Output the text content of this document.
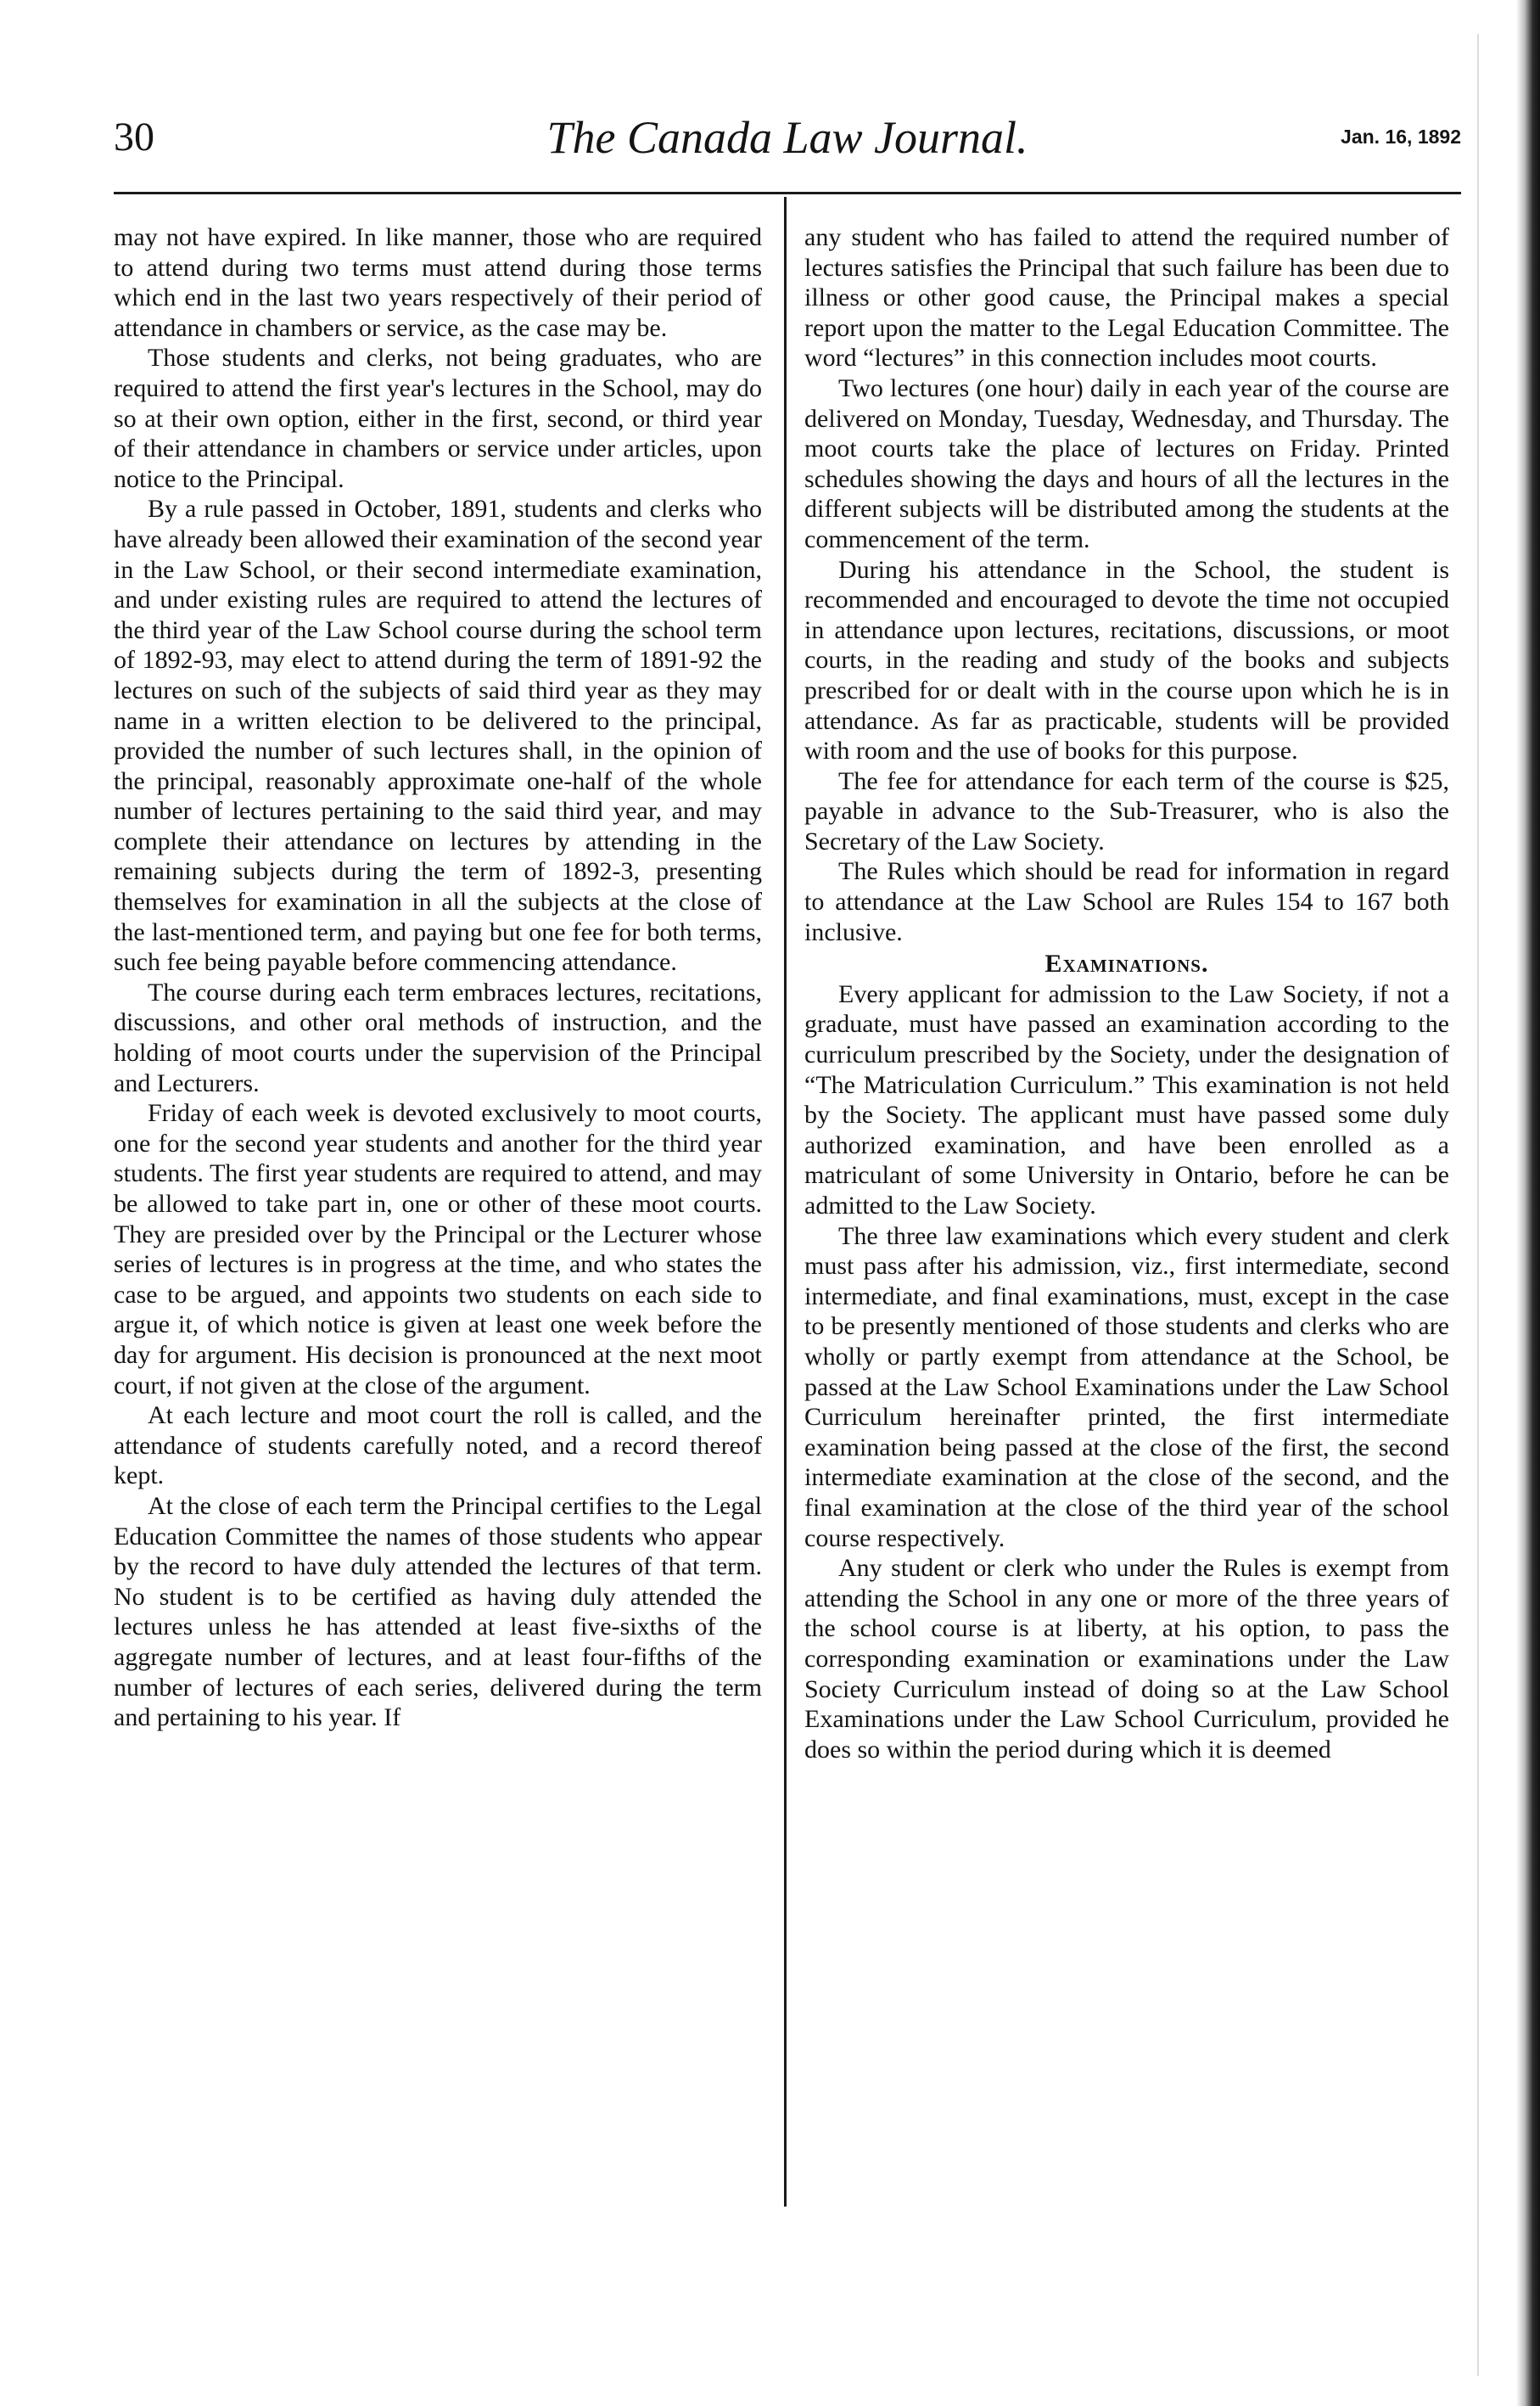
30	The Canada Law Journal.	Jan. 16, 1892

may not have expired. In like manner, those who are required to attend during two terms must attend during those terms which end in the last two years respectively of their period of attendance in chambers or service, as the case may be.

Those students and clerks, not being graduates, who are required to attend the first year's lectures in the School, may do so at their own option, either in the first, second, or third year of their attendance in chambers or service under articles, upon notice to the Principal.

By a rule passed in October, 1891, students and clerks who have already been allowed their examination of the second year in the Law School, or their second intermediate examination, and under existing rules are required to attend the lectures of the third year of the Law School course during the school term of 1892-93, may elect to attend during the term of 1891-92 the lectures on such of the subjects of said third year as they may name in a written election to be delivered to the principal, provided the number of such lectures shall, in the opinion of the principal, reasonably approximate one-half of the whole number of lectures pertaining to the said third year, and may complete their attendance on lectures by attending in the remaining subjects during the term of 1892-3, presenting themselves for examination in all the subjects at the close of the last-mentioned term, and paying but one fee for both terms, such fee being payable before commencing attendance.

The course during each term embraces lectures, recitations, discussions, and other oral methods of instruction, and the holding of moot courts under the supervision of the Principal and Lecturers.

Friday of each week is devoted exclusively to moot courts, one for the second year students and another for the third year students. The first year students are required to attend, and may be allowed to take part in, one or other of these moot courts. They are presided over by the Principal or the Lecturer whose series of lectures is in progress at the time, and who states the case to be argued, and appoints two students on each side to argue it, of which notice is given at least one week before the day for argument. His decision is pronounced at the next moot court, if not given at the close of the argument.

At each lecture and moot court the roll is called, and the attendance of students carefully noted, and a record thereof kept.

At the close of each term the Principal certifies to the Legal Education Committee the names of those students who appear by the record to have duly attended the lectures of that term. No student is to be certified as having duly attended the lectures unless he has attended at least five-sixths of the aggregate number of lectures, and at least four-fifths of the number of lectures of each series, delivered during the term and pertaining to his year. If

any student who has failed to attend the required number of lectures satisfies the Principal that such failure has been due to illness or other good cause, the Principal makes a special report upon the matter to the Legal Education Committee. The word “lectures” in this connection includes moot courts.

Two lectures (one hour) daily in each year of the course are delivered on Monday, Tuesday, Wednesday, and Thursday. The moot courts take the place of lectures on Friday. Printed schedules showing the days and hours of all the lectures in the different subjects will be distributed among the students at the commencement of the term.

During his attendance in the School, the student is recommended and encouraged to devote the time not occupied in attendance upon lectures, recitations, discussions, or moot courts, in the reading and study of the books and subjects prescribed for or dealt with in the course upon which he is in attendance. As far as practicable, students will be provided with room and the use of books for this purpose.

The fee for attendance for each term of the course is $25, payable in advance to the Sub-Treasurer, who is also the Secretary of the Law Society.

The Rules which should be read for information in regard to attendance at the Law School are Rules 154 to 167 both inclusive.

Examinations.

Every applicant for admission to the Law Society, if not a graduate, must have passed an examination according to the curriculum prescribed by the Society, under the designation of “The Matriculation Curriculum.” This examination is not held by the Society. The applicant must have passed some duly authorized examination, and have been enrolled as a matriculant of some University in Ontario, before he can be admitted to the Law Society.

The three law examinations which every student and clerk must pass after his admission, viz., first intermediate, second intermediate, and final examinations, must, except in the case to be presently mentioned of those students and clerks who are wholly or partly exempt from attendance at the School, be passed at the Law School Examinations under the Law School Curriculum hereinafter printed, the first intermediate examination being passed at the close of the first, the second intermediate examination at the close of the second, and the final examination at the close of the third year of the school course respectively.

Any student or clerk who under the Rules is exempt from attending the School in any one or more of the three years of the school course is at liberty, at his option, to pass the corresponding examination or examinations under the Law Society Curriculum instead of doing so at the Law School Examinations under the Law School Curriculum, provided he does so within the period during which it is deemed
